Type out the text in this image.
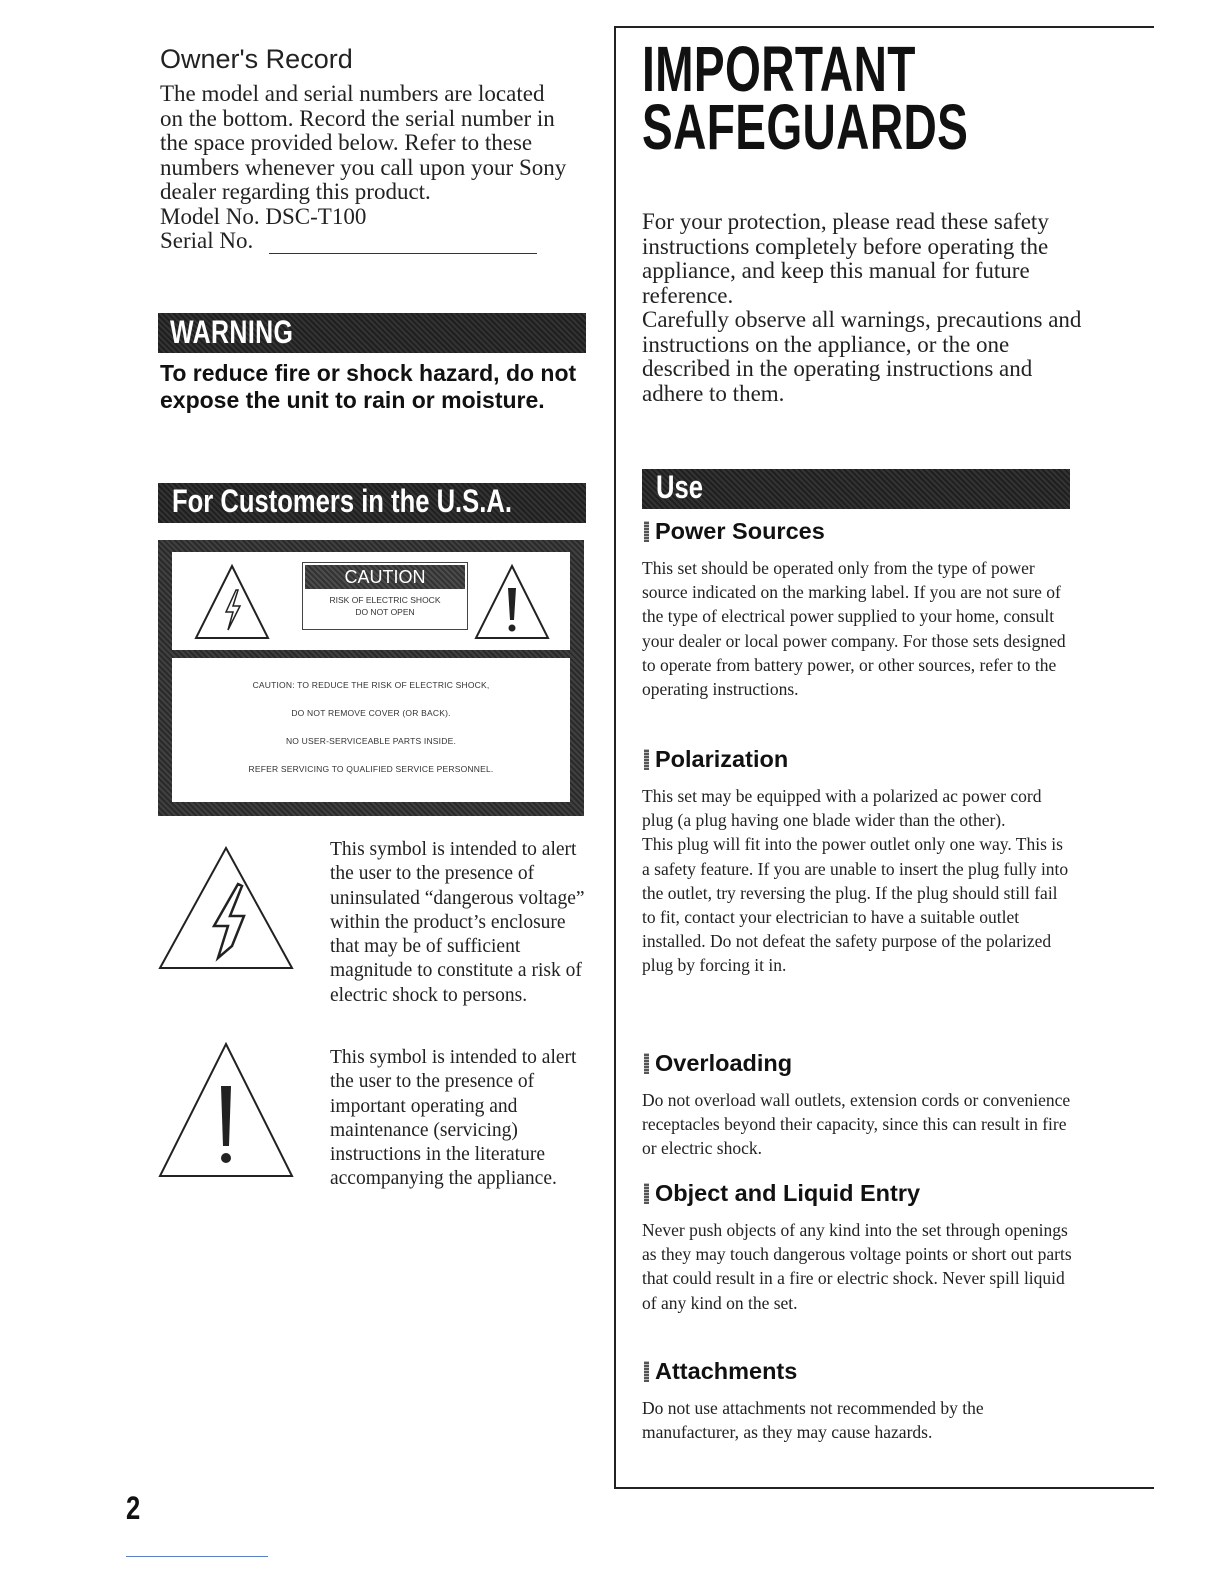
Owner's Record
The model and serial numbers are located
on the bottom. Record the serial number in
the space provided below. Refer to these
numbers whenever you call upon your Sony
dealer regarding this product.
Model No. DSC-T100
Serial No.
WARNING
To reduce fire or shock hazard, do not expose the unit to rain or moisture.
For Customers in the U.S.A.
CAUTION
RISK OF ELECTRIC SHOCK
DO NOT OPEN
CAUTION: TO REDUCE THE RISK OF ELECTRIC SHOCK,
DO NOT REMOVE COVER (OR BACK).
NO USER-SERVICEABLE PARTS INSIDE.
REFER SERVICING TO QUALIFIED SERVICE PERSONNEL.
This symbol is intended to alert the user to the presence of uninsulated “dangerous voltage” within the product’s enclosure that may be of sufficient magnitude to constitute a risk of electric shock to persons.
This symbol is intended to alert the user to the presence of important operating and maintenance (servicing) instructions in the literature accompanying the appliance.
2
IMPORTANT
SAFEGUARDS

For your protection, please read these safety instructions completely before operating the appliance, and keep this manual for future reference.

Carefully observe all warnings, precautions and instructions on the appliance, or the one described in the operating instructions and adhere to them.

Use
Power Sources

This set should be operated only from the type of power source indicated on the marking label. If you are not sure of the type of electrical power supplied to your home, consult your dealer or local power company. For those sets designed to operate from battery power, or other sources, refer to the operating instructions.

Polarization

This set may be equipped with a polarized ac power cord plug (a plug having one blade wider than the other).

This plug will fit into the power outlet only one way. This is a safety feature. If you are unable to insert the plug fully into the outlet, try reversing the plug. If the plug should still fail to fit, contact your electrician to have a suitable outlet installed. Do not defeat the safety purpose of the polarized plug by forcing it in.

Overloading

Do not overload wall outlets, extension cords or convenience receptacles beyond their capacity, since this can result in fire or electric shock.

Object and Liquid Entry

Never push objects of any kind into the set through openings as they may touch dangerous voltage points or short out parts that could result in a fire or electric shock. Never spill liquid of any kind on the set.

Attachments

Do not use attachments not recommended by the manufacturer, as they may cause hazards.
